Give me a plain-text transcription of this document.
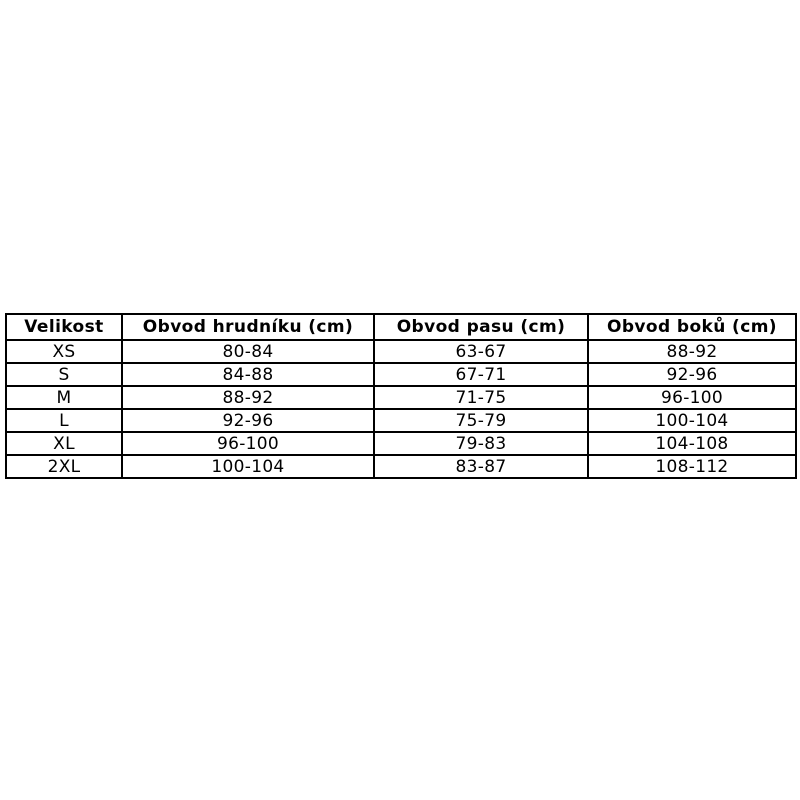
Velikost	Obvod hrudníku (cm)	Obvod pasu (cm)	Obvod boků (cm)
XS	80-84	63-67	88-92
S	84-88	67-71	92-96
M	88-92	71-75	96-100
L	92-96	75-79	100-104
XL	96-100	79-83	104-108
2XL	100-104	83-87	108-112
